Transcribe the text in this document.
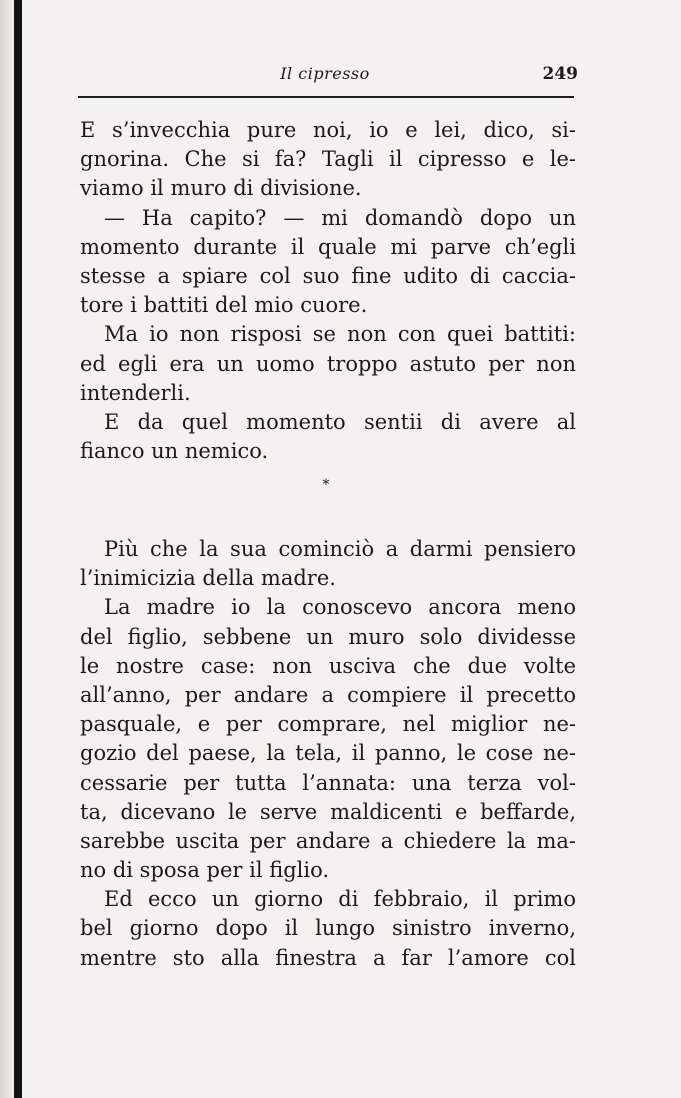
Il cipresso	249
E s’invecchia pure noi, io e lei, dico, si-
gnorina. Che si fa? Tagli il cipresso e le-
viamo il muro di divisione.
— Ha capito? — mi domandò dopo un
momento durante il quale mi parve ch’egli
stesse a spiare col suo fine udito di caccia-
tore i battiti del mio cuore.
Ma io non risposi se non con quei battiti:
ed egli era un uomo troppo astuto per non
intenderli.
E da quel momento sentii di avere al
fianco un nemico.
*
Più che la sua cominciò a darmi pensiero
l’inimicizia della madre.
La madre io la conoscevo ancora meno
del figlio, sebbene un muro solo dividesse
le nostre case: non usciva che due volte
all’anno, per andare a compiere il precetto
pasquale, e per comprare, nel miglior ne-
gozio del paese, la tela, il panno, le cose ne-
cessarie per tutta l’annata: una terza vol-
ta, dicevano le serve maldicenti e beffarde,
sarebbe uscita per andare a chiedere la ma-
no di sposa per il figlio.
Ed ecco un giorno di febbraio, il primo
bel giorno dopo il lungo sinistro inverno,
mentre sto alla finestra a far l’amore col
